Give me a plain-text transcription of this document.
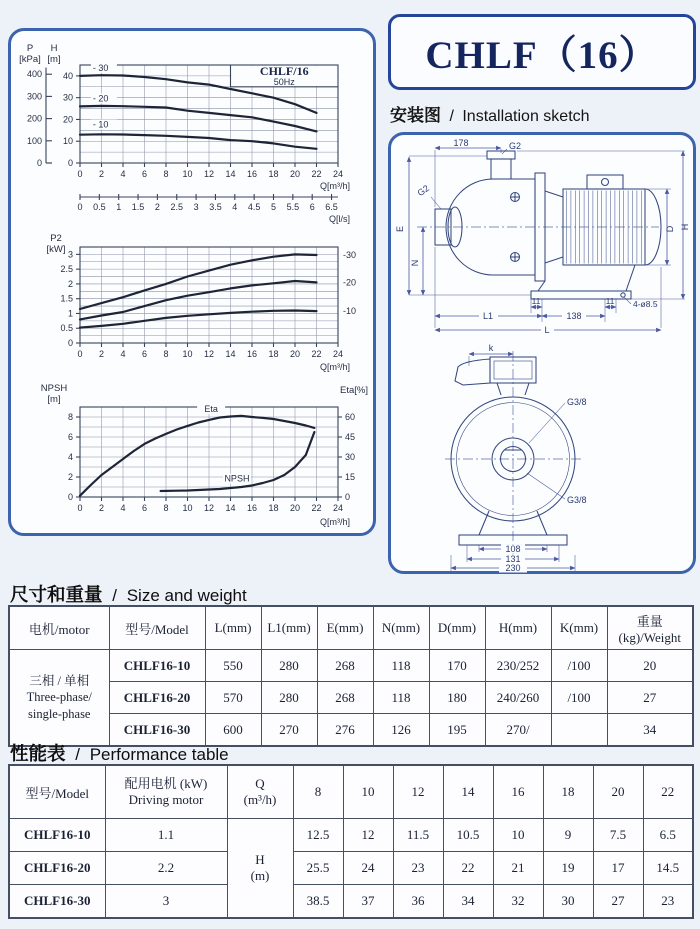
CHLF/16
50Hz
0
10
20
30
40
H
[m]
0
100
200
300
400
P
[kPa]
0 2 4 6 8 10 12 14 16 18 20 22 24
Q[m³/h]
0 0.5 1 1.5 2 2.5 3 3.5 4 4.5 5 5.5 6 6.5
Q[l/s]
- 30
- 20
- 10
0
0.5
1
1.5
2
2.5
3
P2
[kW]
0 2 4 6 8 10 12 14 16 18 20 22 24
Q[m³/h]
-30
-20
-10
0
2
4
6
8
NPSH
[m]
0
15
30
45
60
Eta[%]
0 2 4 6 8 10 12 14 16 18 20 22 24
Q[m³/h]
Eta
NPSH
CHLF（16）
安装图 / Installation sketch
178	G2
G2
E
N
11	11
138
L1
L
4-ø8.5
D H
k
G3/8
G3/8
108
131
230
尺寸和重量 / Size and weight
电机/motor	型号/Model	L(mm)	L1(mm)	E(mm)	N(mm)	D(mm)	H(mm)	K(mm)	重量(kg)/Weight

三相 / 单相
Three-phase/
single-phase	CHLF16-10	550	280	268	118	170	230/252	/100	20
	CHLF16-20	570	280	268	118	180	240/260	/100	27
	CHLF16-30	600	270	276	126	195	270/		34
性能表 / Performance table
型号/Model	
配用电机 (kW)
Driving motor

Q
(m³/h)
	8	10	12	14	16	18	20	22
CHLF16-10	1.1	H
(m)	12.5	12	11.5	10.5	10	9	7.5	6.5
CHLF16-20	2.2		25.5	24	23	22	21	19	17	14.5
CHLF16-30	3		38.5	37	36	34	32	30	27	23
